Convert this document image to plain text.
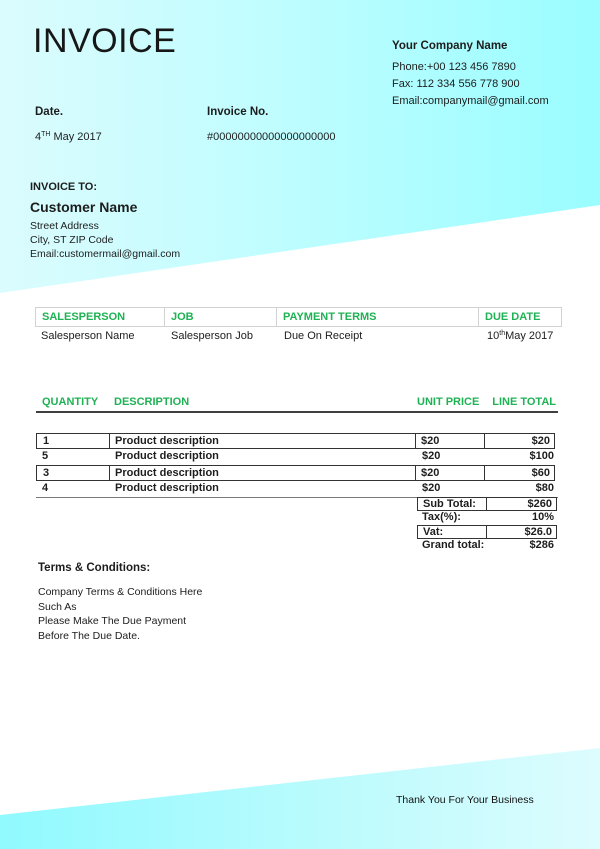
INVOICE	Your Company Name
Phone:+00 123 456 7890
Fax: 112 334 556 778 900
Email:companymail@gmail.com
Date.
4TH May 2017
Invoice No.
#00000000000000000000
INVOICE TO:
Customer Name
Street Address
City, ST ZIP Code
Email:customermail@gmail.com
SALESPERSON	JOB	PAYMENT TERMS	DUE DATE
Salesperson Name	Salesperson Job	Due On Receipt	10thMay 2017
QUANTITY	DESCRIPTION	UNIT PRICE	LINE TOTAL
1	Product description	$20	$20
5	Product description	$20	$100
3	Product description	$20	$60
4	Product description	$20	$80
Sub Total:	$260
Tax(%):	10%
Vat:	$26.0
Grand total:	$286
Terms & Conditions:
Company Terms & Conditions Here
Such As
Please Make The Due Payment
Before The Due Date.
Thank You For Your Business
